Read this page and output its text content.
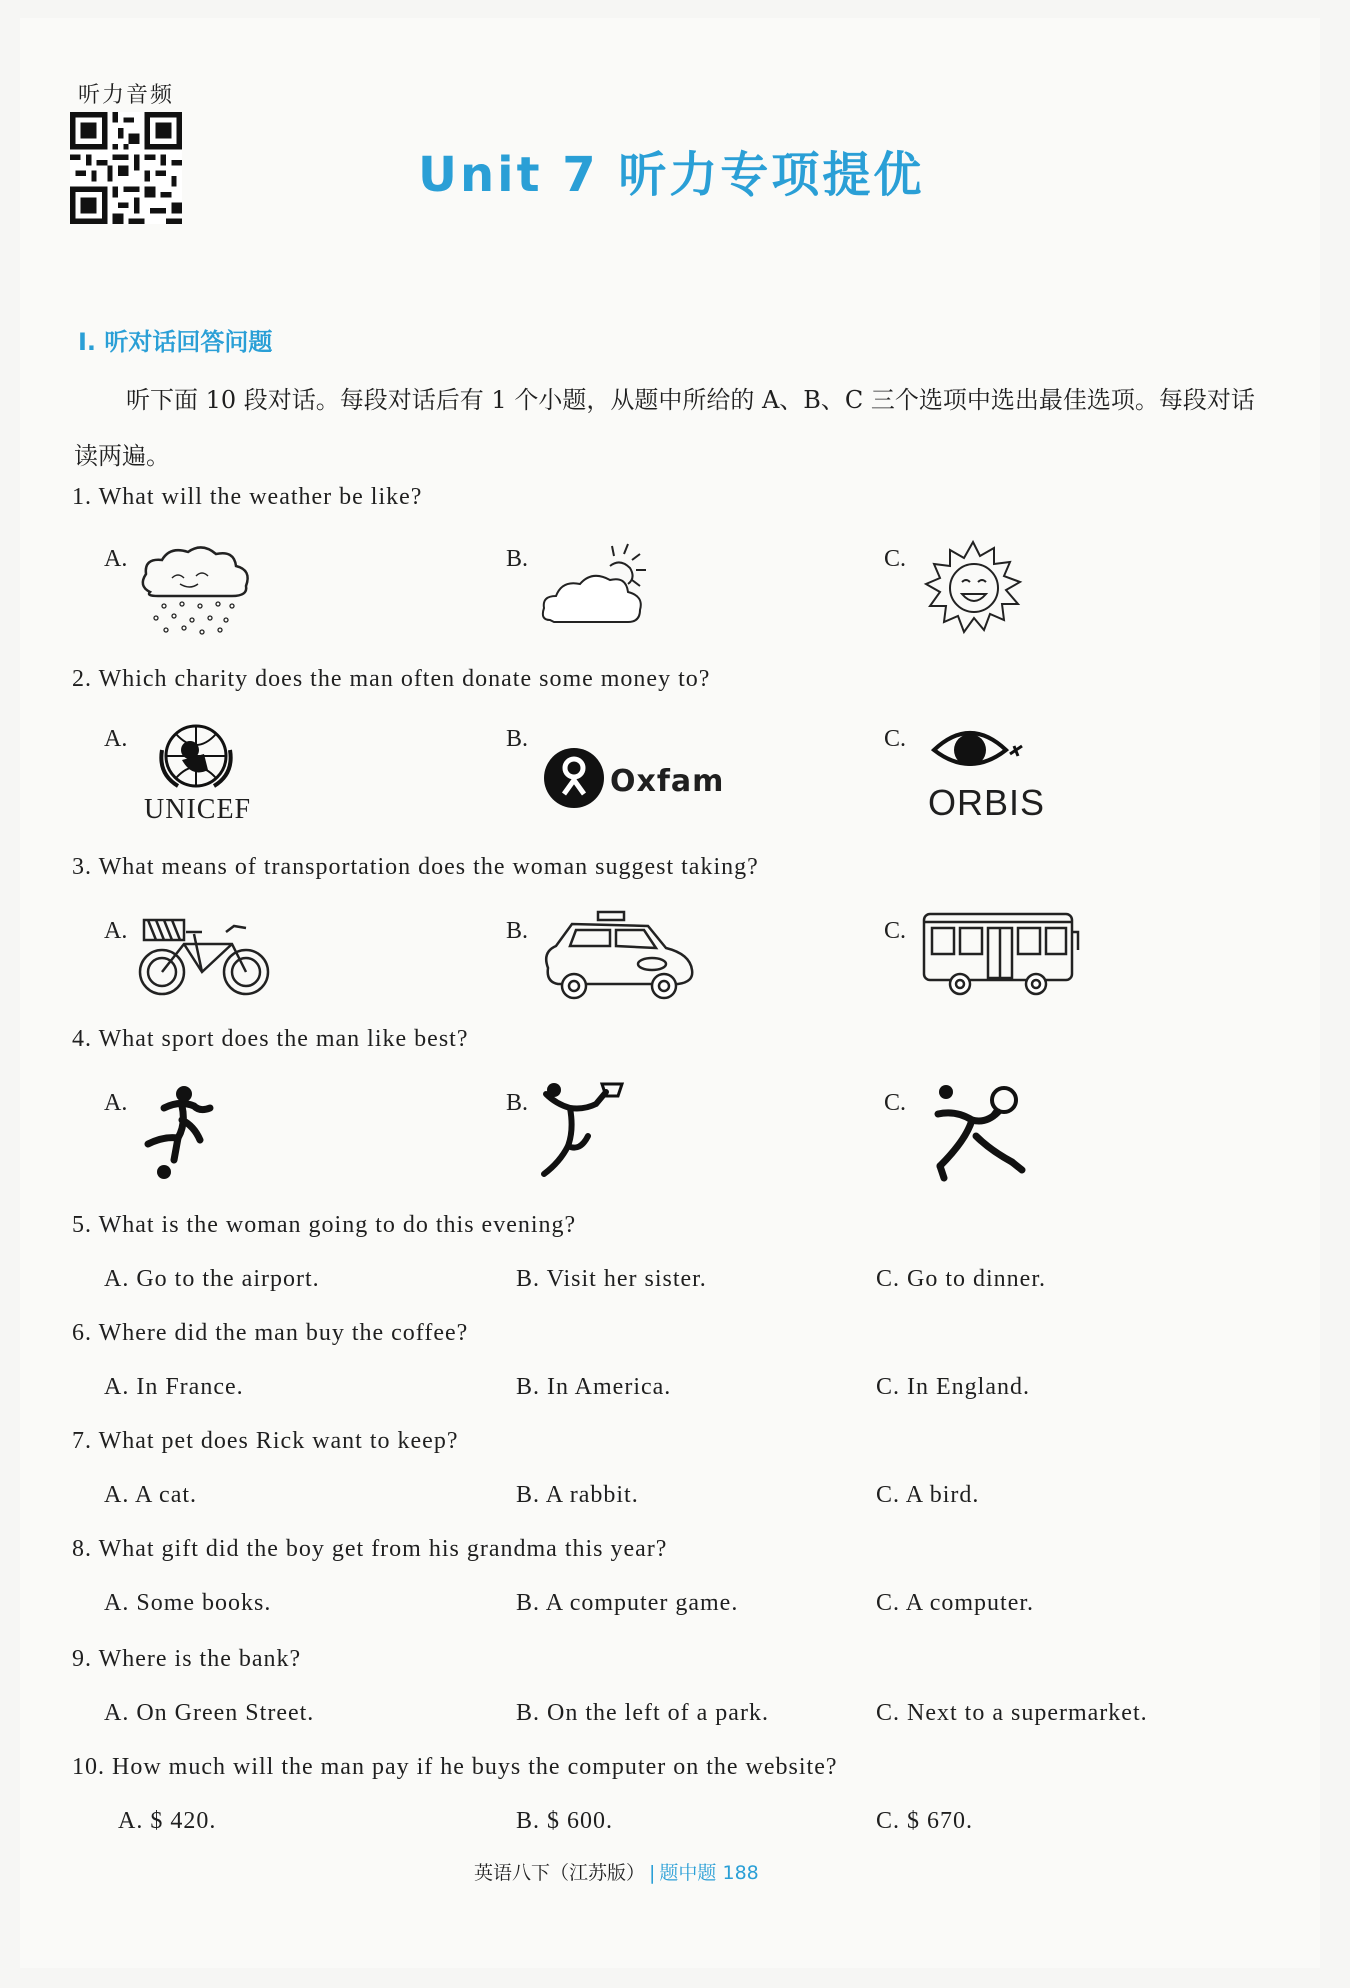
听力音频
Unit 7 听力专项提优
Ⅰ. 听对话回答问题
听下面 10 段对话。每段对话后有 1 个小题，从题中所给的 A、B、C 三个选项中选出最佳选项。每段对话读两遍。
1. What will the weather be like?
A.	B.	C.
2. Which charity does the man often donate some money to?
A.
UNICEF
B.
Oxfam
C.
ORBIS
3. What means of transportation does the woman suggest taking?
A.	B.	C.
4. What sport does the man like best?
A.	B.	C.
5. What is the woman going to do this evening?
A. Go to the airport.	B. Visit her sister.	C. Go to dinner.
6. Where did the man buy the coffee?
A. In France.	B. In America.	C. In England.
7. What pet does Rick want to keep?
A. A cat.	B. A rabbit.	C. A bird.
8. What gift did the boy get from his grandma this year?
A. Some books.	B. A computer game.	C. A computer.
9. Where is the bank?
A. On Green Street.	B. On the left of a park.	C. Next to a supermarket.
10. How much will the man pay if he buys the computer on the website?
A. $ 420.	B. $ 600.	C. $ 670.
英语八下（江苏版） | 题中题 188
